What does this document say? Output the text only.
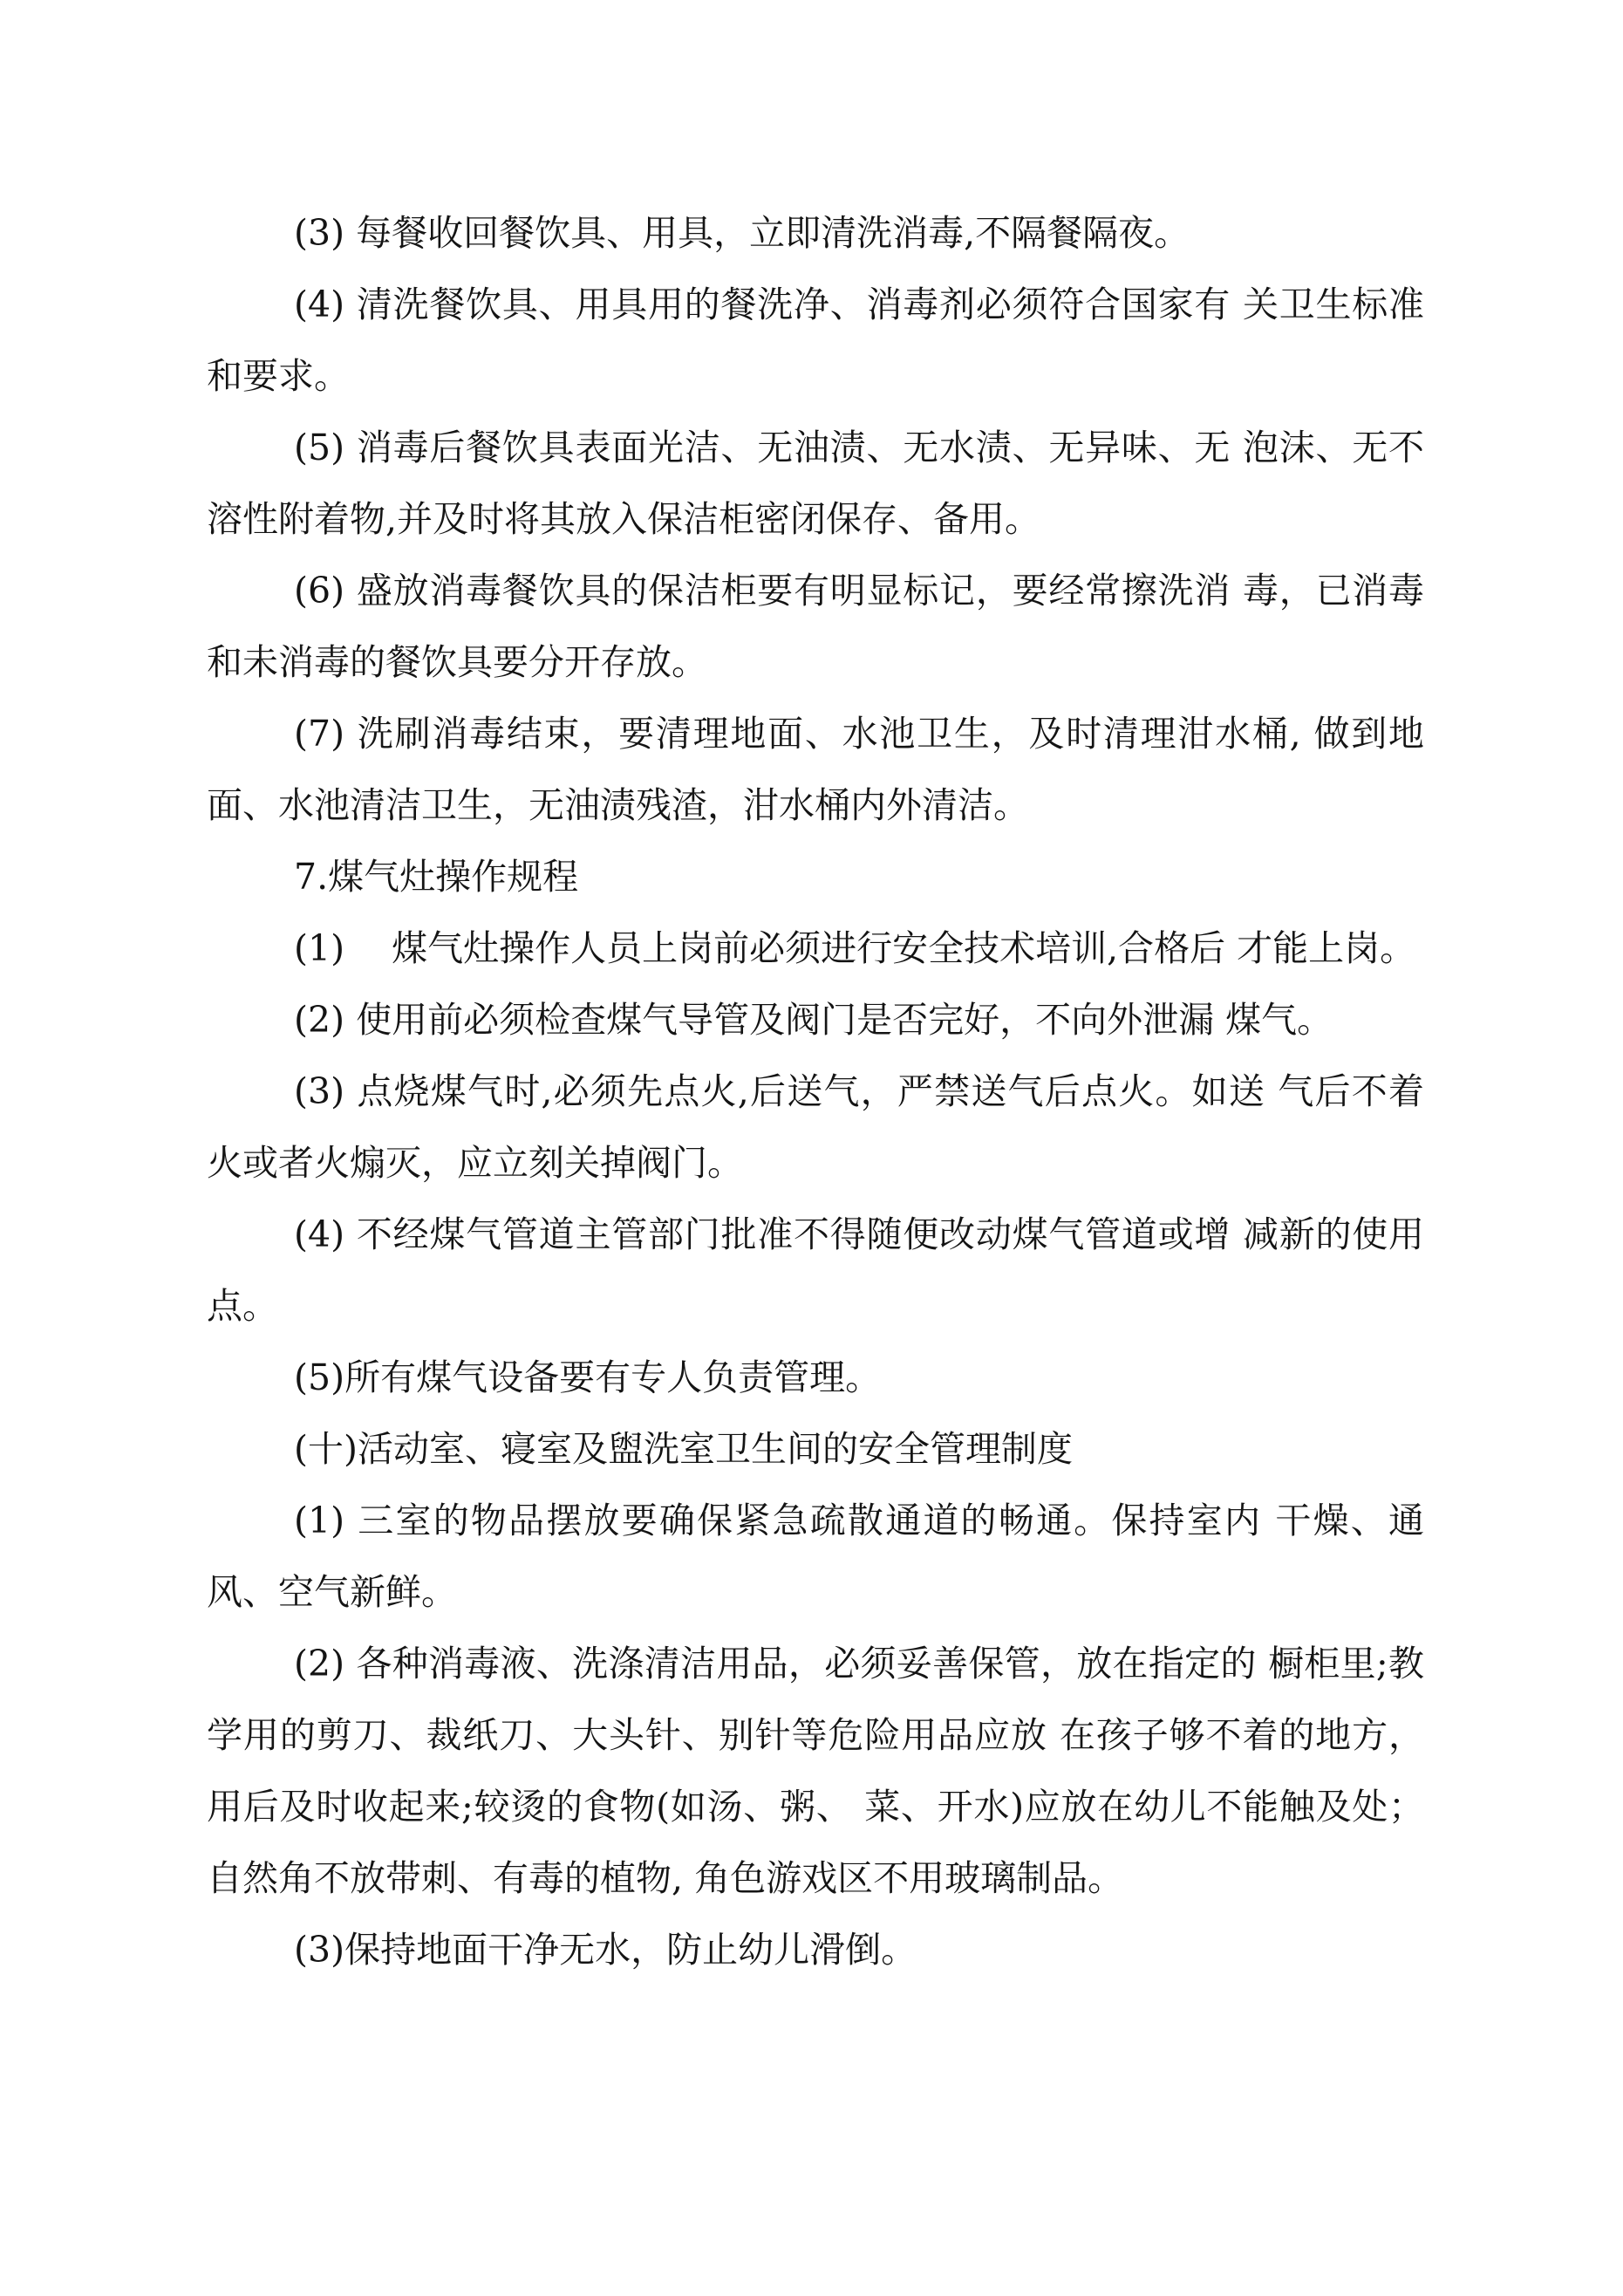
(3) 每餐收回餐饮具、用具，立即清洗消毒,不隔餐隔夜。

(4) 清洗餐饮具、用具用的餐洗净、消毒剂必须符合国家有 关卫生标准和要求。

(5) 消毒后餐饮具表面光洁、无油渍、无水渍、无异味、无 泡沫、无不溶性附着物,并及时将其放入保洁柜密闭保存、备用。

(6) 盛放消毒餐饮具的保洁柜要有明显标记，要经常擦洗消 毒，已消毒和未消毒的餐饮具要分开存放。

(7) 洗刷消毒结束，要清理地面、水池卫生，及时清理泔水桶, 做到地面、水池清洁卫生，无油渍残渣，泔水桶内外清洁。

7.煤气灶操作规程

(1)　 煤气灶操作人员上岗前必须进行安全技术培训,合格后 才能上岗。

(2) 使用前必须检查煤气导管及阀门是否完好，不向外泄漏 煤气。

(3) 点烧煤气时,必须先点火,后送气，严禁送气后点火。如送 气后不着火或者火煽灭，应立刻关掉阀门。

(4) 不经煤气管道主管部门批准不得随便改动煤气管道或增 减新的使用点。

(5)所有煤气设备要有专人负责管理。

(十)活动室、寝室及盥洗室卫生间的安全管理制度

(1) 三室的物品摆放要确保紧急疏散通道的畅通。保持室内 干燥、通风、空气新鲜。

(2) 各种消毒液、洗涤清洁用品，必须妥善保管，放在指定的 橱柜里;教学用的剪刀、裁纸刀、大头针、别针等危险用品应放 在孩子够不着的地方，用后及时收起来;较烫的食物(如汤、粥、 菜、开水)应放在幼儿不能触及处；自然角不放带刺、有毒的植物, 角色游戏区不用玻璃制品。

(3)保持地面干净无水，防止幼儿滑倒。
